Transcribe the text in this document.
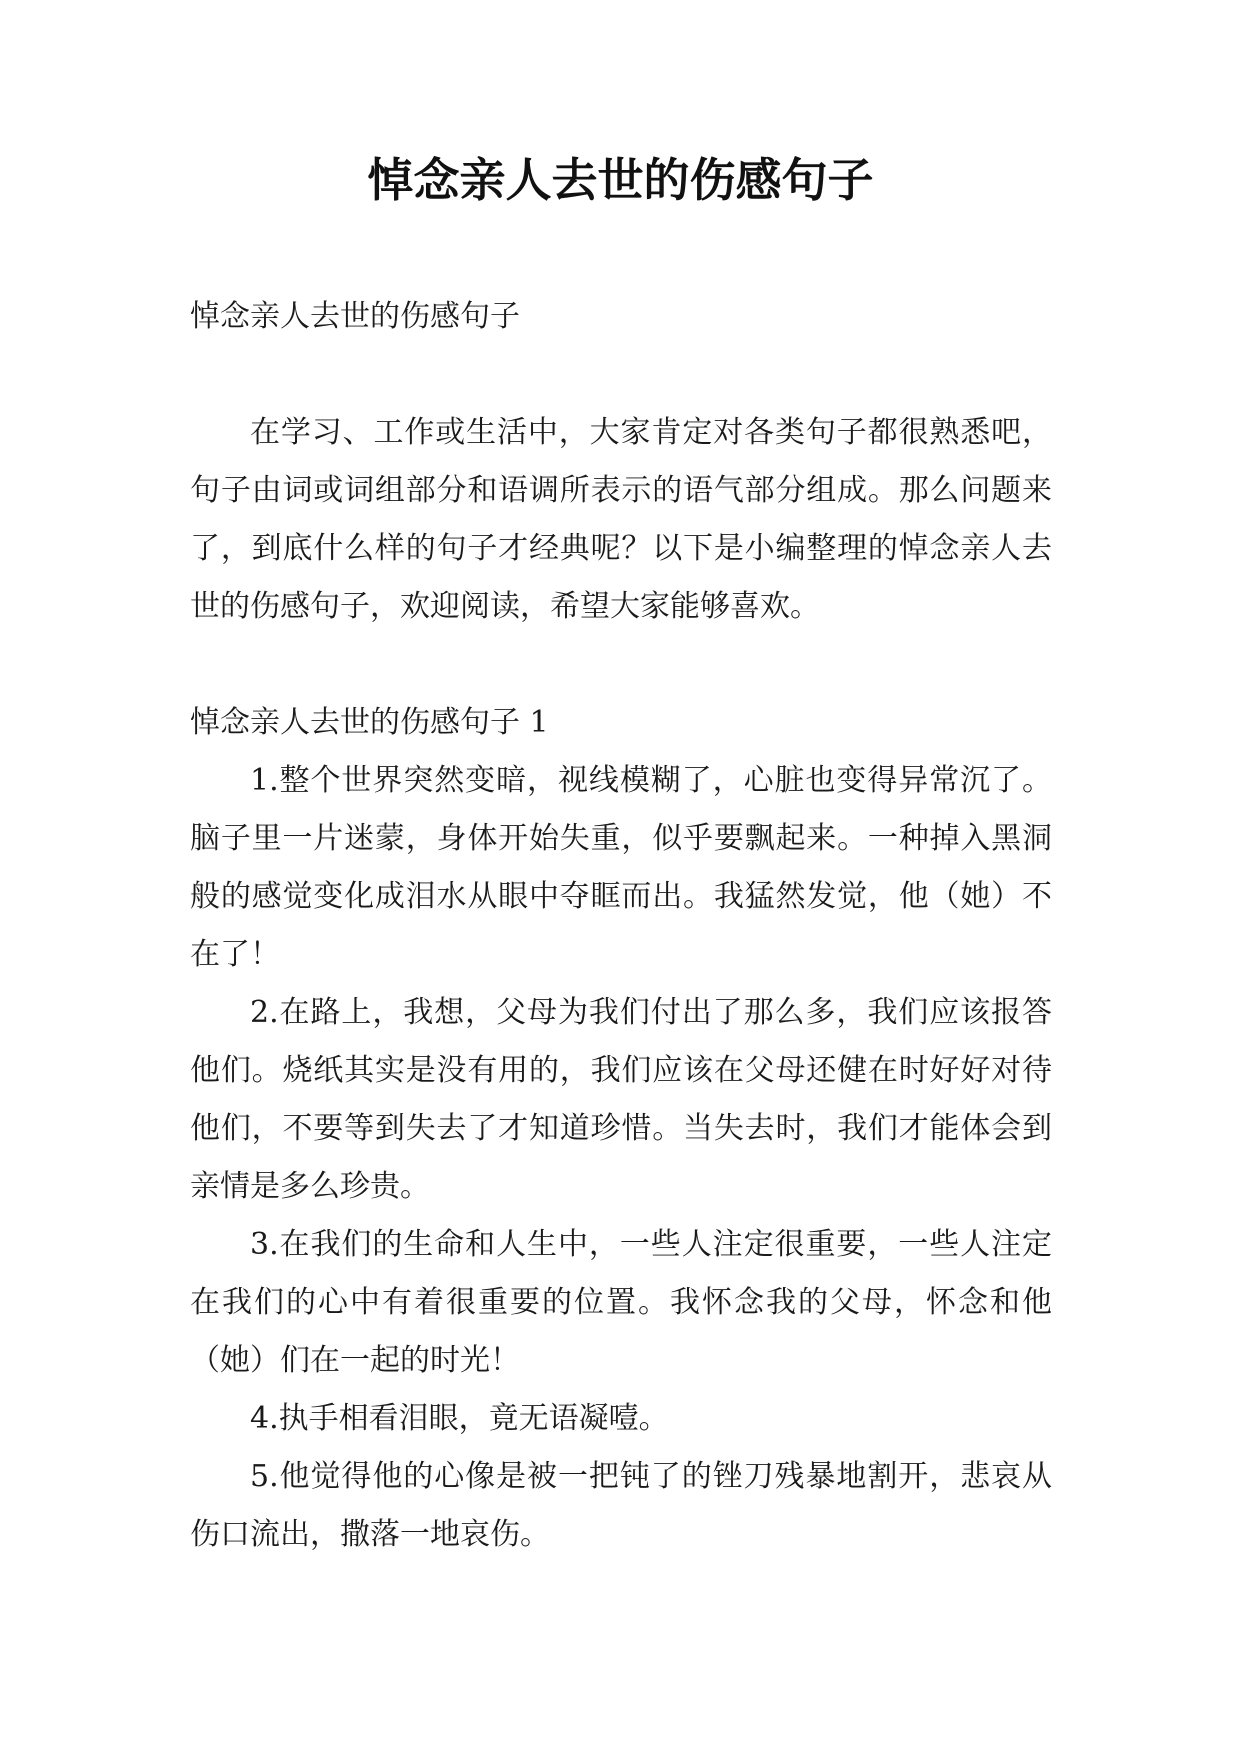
悼念亲人去世的伤感句子

悼念亲人去世的伤感句子

在学习、工作或生活中，大家肯定对各类句子都很熟悉吧，句子由词或词组部分和语调所表示的语气部分组成。那么问题来了，到底什么样的句子才经典呢？以下是小编整理的悼念亲人去世的伤感句子，欢迎阅读，希望大家能够喜欢。

悼念亲人去世的伤感句子 1

1.整个世界突然变暗，视线模糊了，心脏也变得异常沉了。脑子里一片迷蒙，身体开始失重，似乎要飘起来。一种掉入黑洞般的感觉变化成泪水从眼中夺眶而出。我猛然发觉，他（她）不在了！

2.在路上，我想，父母为我们付出了那么多，我们应该报答他们。烧纸其实是没有用的，我们应该在父母还健在时好好对待他们，不要等到失去了才知道珍惜。当失去时，我们才能体会到亲情是多么珍贵。

3.在我们的生命和人生中，一些人注定很重要，一些人注定在我们的心中有着很重要的位置。我怀念我的父母，怀念和他（她）们在一起的时光！

4.执手相看泪眼，竟无语凝噎。

5.他觉得他的心像是被一把钝了的锉刀残暴地割开，悲哀从伤口流出，撒落一地哀伤。
